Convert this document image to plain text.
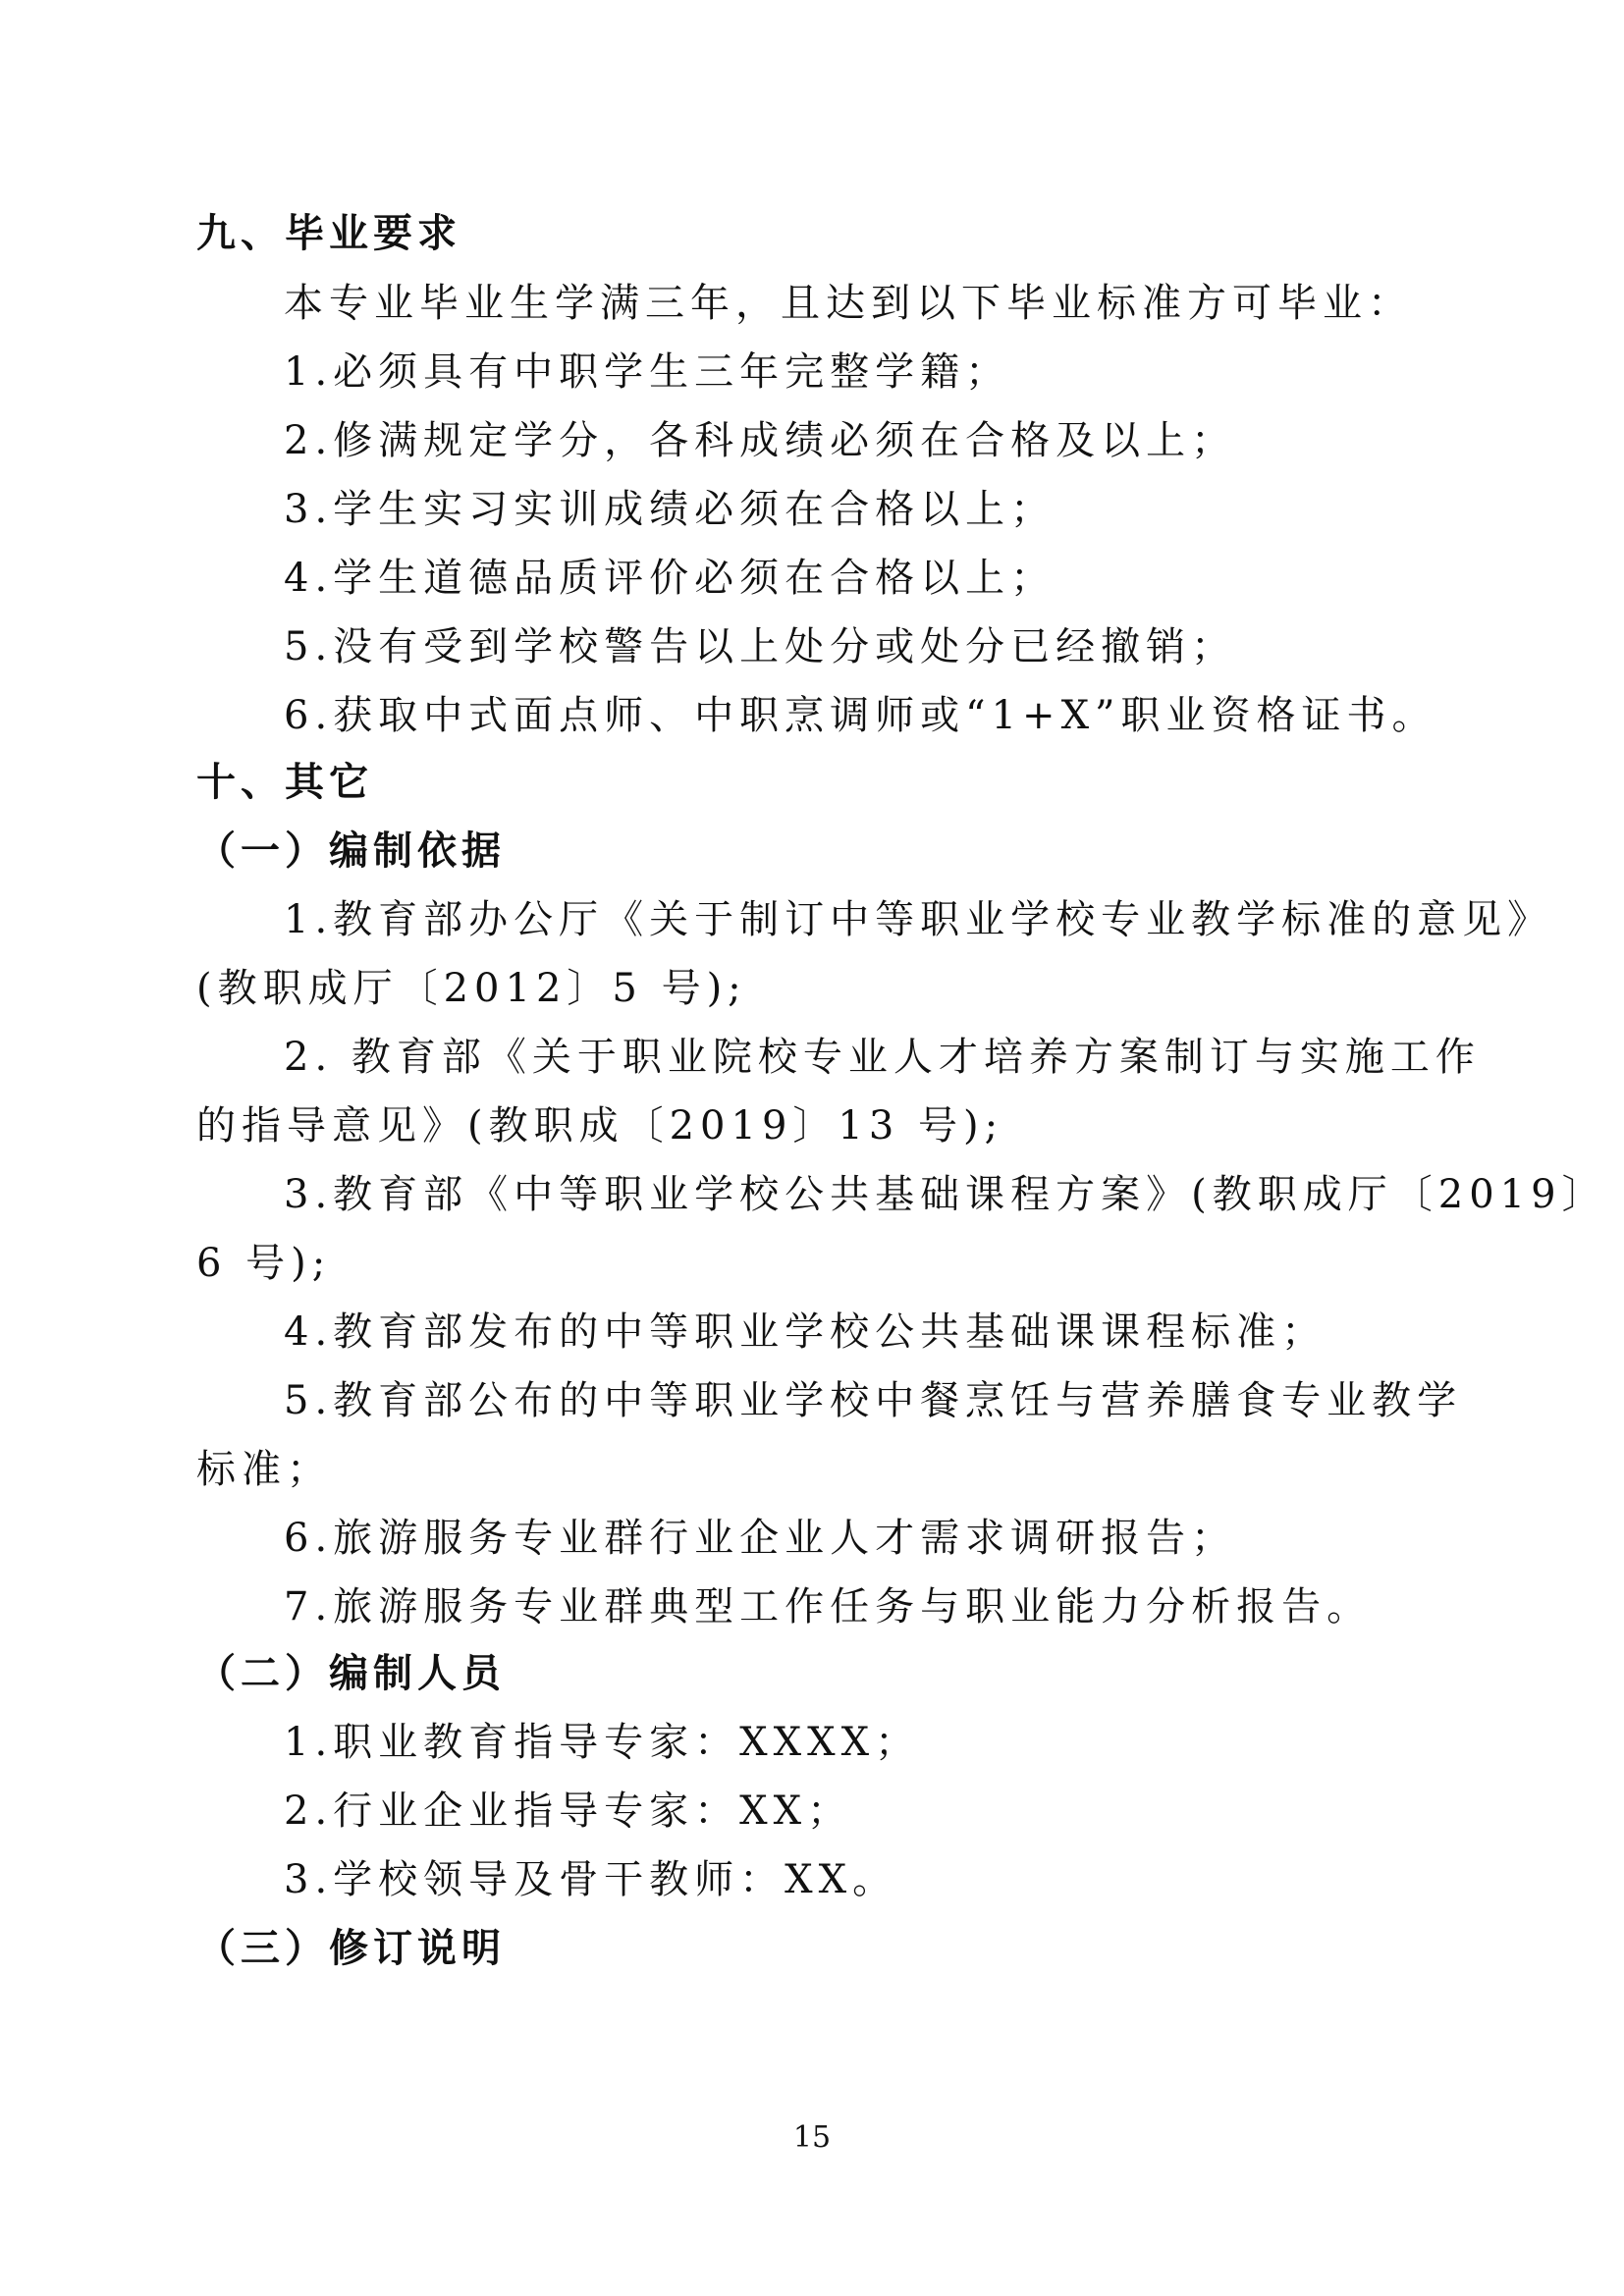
九、毕业要求
本专业毕业生学满三年，且达到以下毕业标准方可毕业：
1.必须具有中职学生三年完整学籍；
2.修满规定学分，各科成绩必须在合格及以上；
3.学生实习实训成绩必须在合格以上；
4.学生道德品质评价必须在合格以上；
5.没有受到学校警告以上处分或处分已经撤销；
6.获取中式面点师、中职烹调师或“1+X”职业资格证书。
十、其它
（一）编制依据
1.教育部办公厅《关于制订中等职业学校专业教学标准的意见》
(教职成厅〔2012〕5 号);
2. 教育部《关于职业院校专业人才培养方案制订与实施工作
的指导意见》(教职成〔2019〕13 号);
3.教育部《中等职业学校公共基础课程方案》(教职成厅〔2019〕
6 号);
4.教育部发布的中等职业学校公共基础课课程标准；
5.教育部公布的中等职业学校中餐烹饪与营养膳食专业教学
标准；
6.旅游服务专业群行业企业人才需求调研报告；
7.旅游服务专业群典型工作任务与职业能力分析报告。
（二）编制人员
1.职业教育指导专家：XXXX；
2.行业企业指导专家：XX；
3.学校领导及骨干教师：XX。
（三）修订说明
15
